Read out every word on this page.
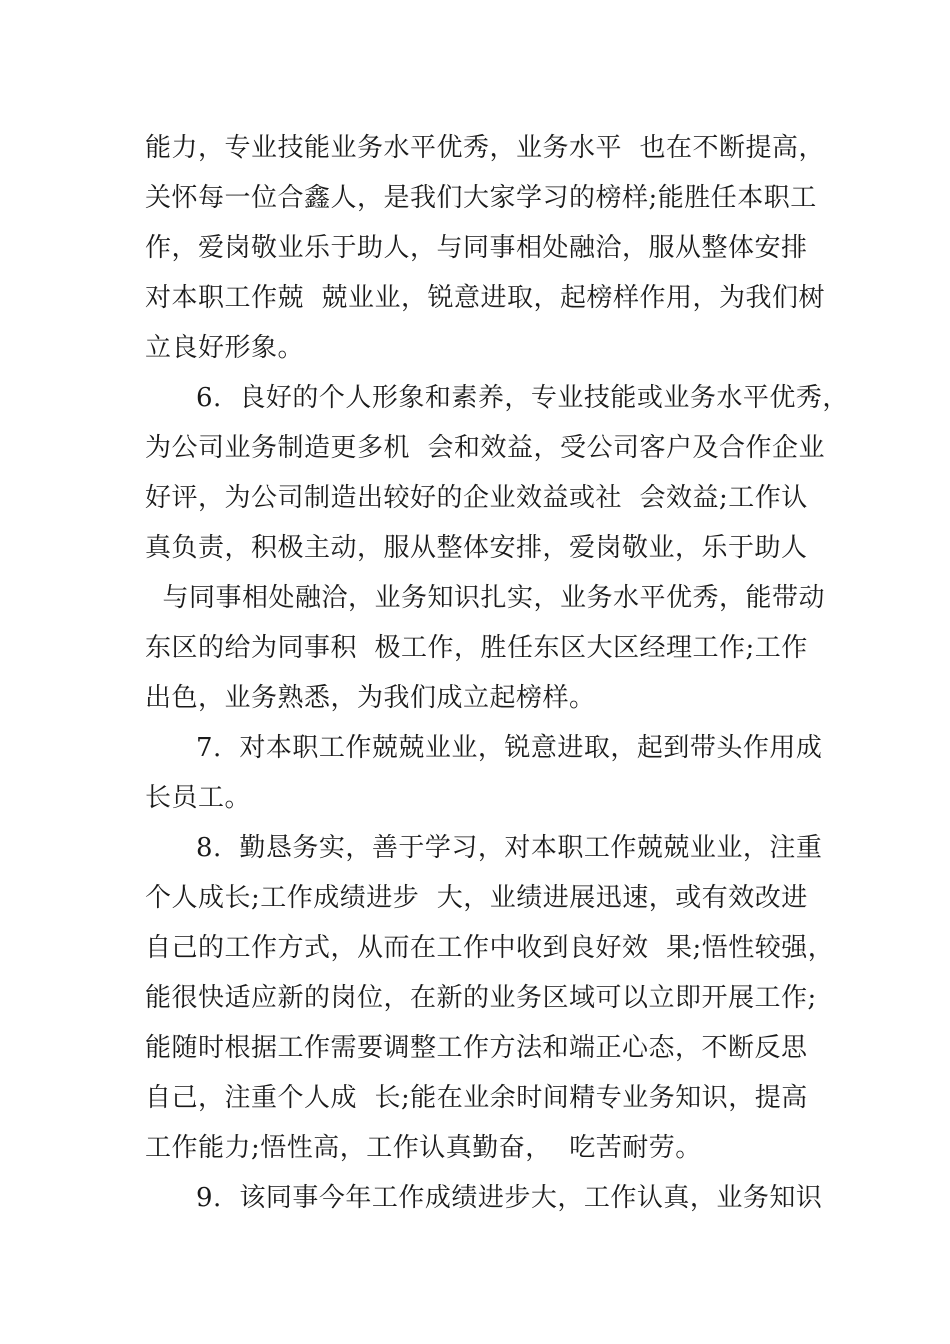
能力，专业技能业务水平优秀，业务水平  也在不断提高，
关怀每一位合鑫人，是我们大家学习的榜样;能胜任本职工
作，爱岗敬业乐于助人，与同事相处融洽，服从整体安排
对本职工作兢  兢业业，锐意进取，起榜样作用，为我们树
立良好形象。
6.  良好的个人形象和素养，专业技能或业务水平优秀，
为公司业务制造更多机  会和效益，受公司客户及合作企业
好评，为公司制造出较好的企业效益或社  会效益;工作认
真负责，积极主动，服从整体安排，爱岗敬业，乐于助人
与同事相处融洽，业务知识扎实，业务水平优秀，能带动
东区的给为同事积  极工作，胜任东区大区经理工作;工作
出色，业务熟悉，为我们成立起榜样。
7.  对本职工作兢兢业业，锐意进取，起到带头作用成
长员工。
8.  勤恳务实，善于学习，对本职工作兢兢业业，注重
个人成长;工作成绩进步  大，业绩进展迅速，或有效改进
自己的工作方式，从而在工作中收到良好效  果;悟性较强，
能很快适应新的岗位，在新的业务区域可以立即开展工作;
能随时根据工作需要调整工作方法和端正心态，不断反思
自己，注重个人成  长;能在业余时间精专业务知识，提高
工作能力;悟性高，工作认真勤奋，  吃苦耐劳。
9.  该同事今年工作成绩进步大，工作认真，业务知识
